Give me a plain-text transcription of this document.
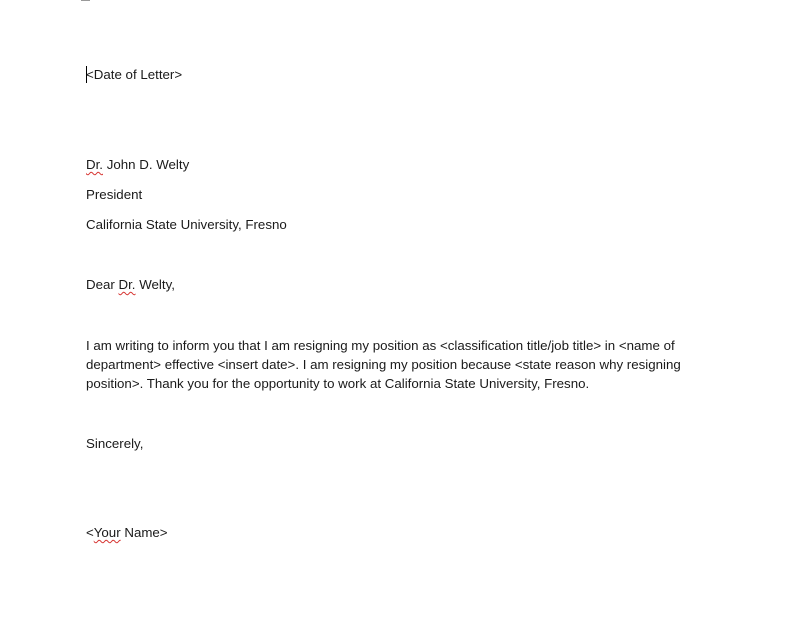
<Date of Letter>
Dr. John D. Welty
President
California State University, Fresno
Dear Dr. Welty,
I am writing to inform you that I am resigning my position as <classification title/job title> in <name of
department> effective <insert date>. I am resigning my position because <state reason why resigning
position>. Thank you for the opportunity to work at California State University, Fresno.
Sincerely,
<Your Name>
